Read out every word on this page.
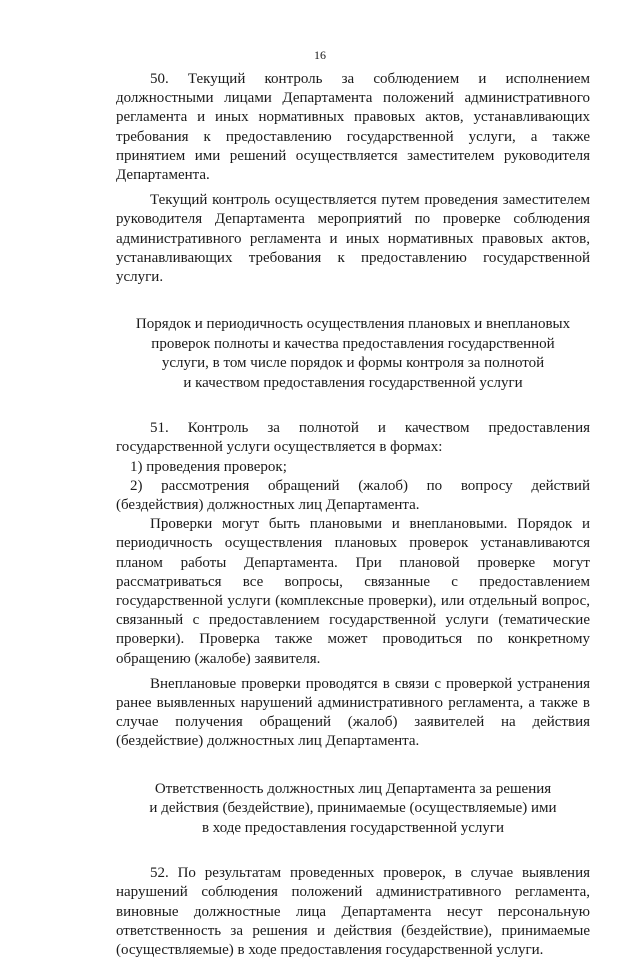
16

50. Текущий контроль за соблюдением и исполнением должностными лицами Департамента положений административного регламента и иных нормативных правовых актов, устанавливающих требования к предоставлению государственной услуги, а также принятием ими решений осуществляется заместителем руководителя Департамента.

Текущий контроль осуществляется путем проведения заместителем руководителя Департамента мероприятий по проверке соблюдения административного регламента и иных нормативных правовых актов, устанавливающих требования к предоставлению государственной услуги.

Порядок и периодичность осуществления плановых и внеплановых

проверок полноты и качества предоставления государственной

услуги, в том числе порядок и формы контроля за полнотой

и качеством предоставления государственной услуги

51. Контроль за полнотой и качеством предоставления государственной услуги осуществляется в формах:

1) проведения проверок;

2) рассмотрения обращений (жалоб) по вопросу действий (бездействия) должностных лиц Департамента.

Проверки могут быть плановыми и внеплановыми. Порядок и периодичность осуществления плановых проверок устанавливаются планом работы Департамента. При плановой проверке могут рассматриваться все вопросы, связанные с предоставлением государственной услуги (комплексные проверки), или отдельный вопрос, связанный с предоставлением государственной услуги (тематические проверки). Проверка также может проводиться по конкретному обращению (жалобе) заявителя.

Внеплановые проверки проводятся в связи с проверкой устранения ранее выявленных нарушений административного регламента, а также в случае получения обращений (жалоб) заявителей на действия (бездействие) должностных лиц Департамента.

Ответственность должностных лиц Департамента за решения

и действия (бездействие), принимаемые (осуществляемые) ими

в ходе предоставления государственной услуги

52. По результатам проведенных проверок, в случае выявления нарушений соблюдения положений административного регламента, виновные должностные лица Департамента несут персональную ответственность за решения и действия (бездействие), принимаемые (осуществляемые) в ходе предоставления государственной услуги.
